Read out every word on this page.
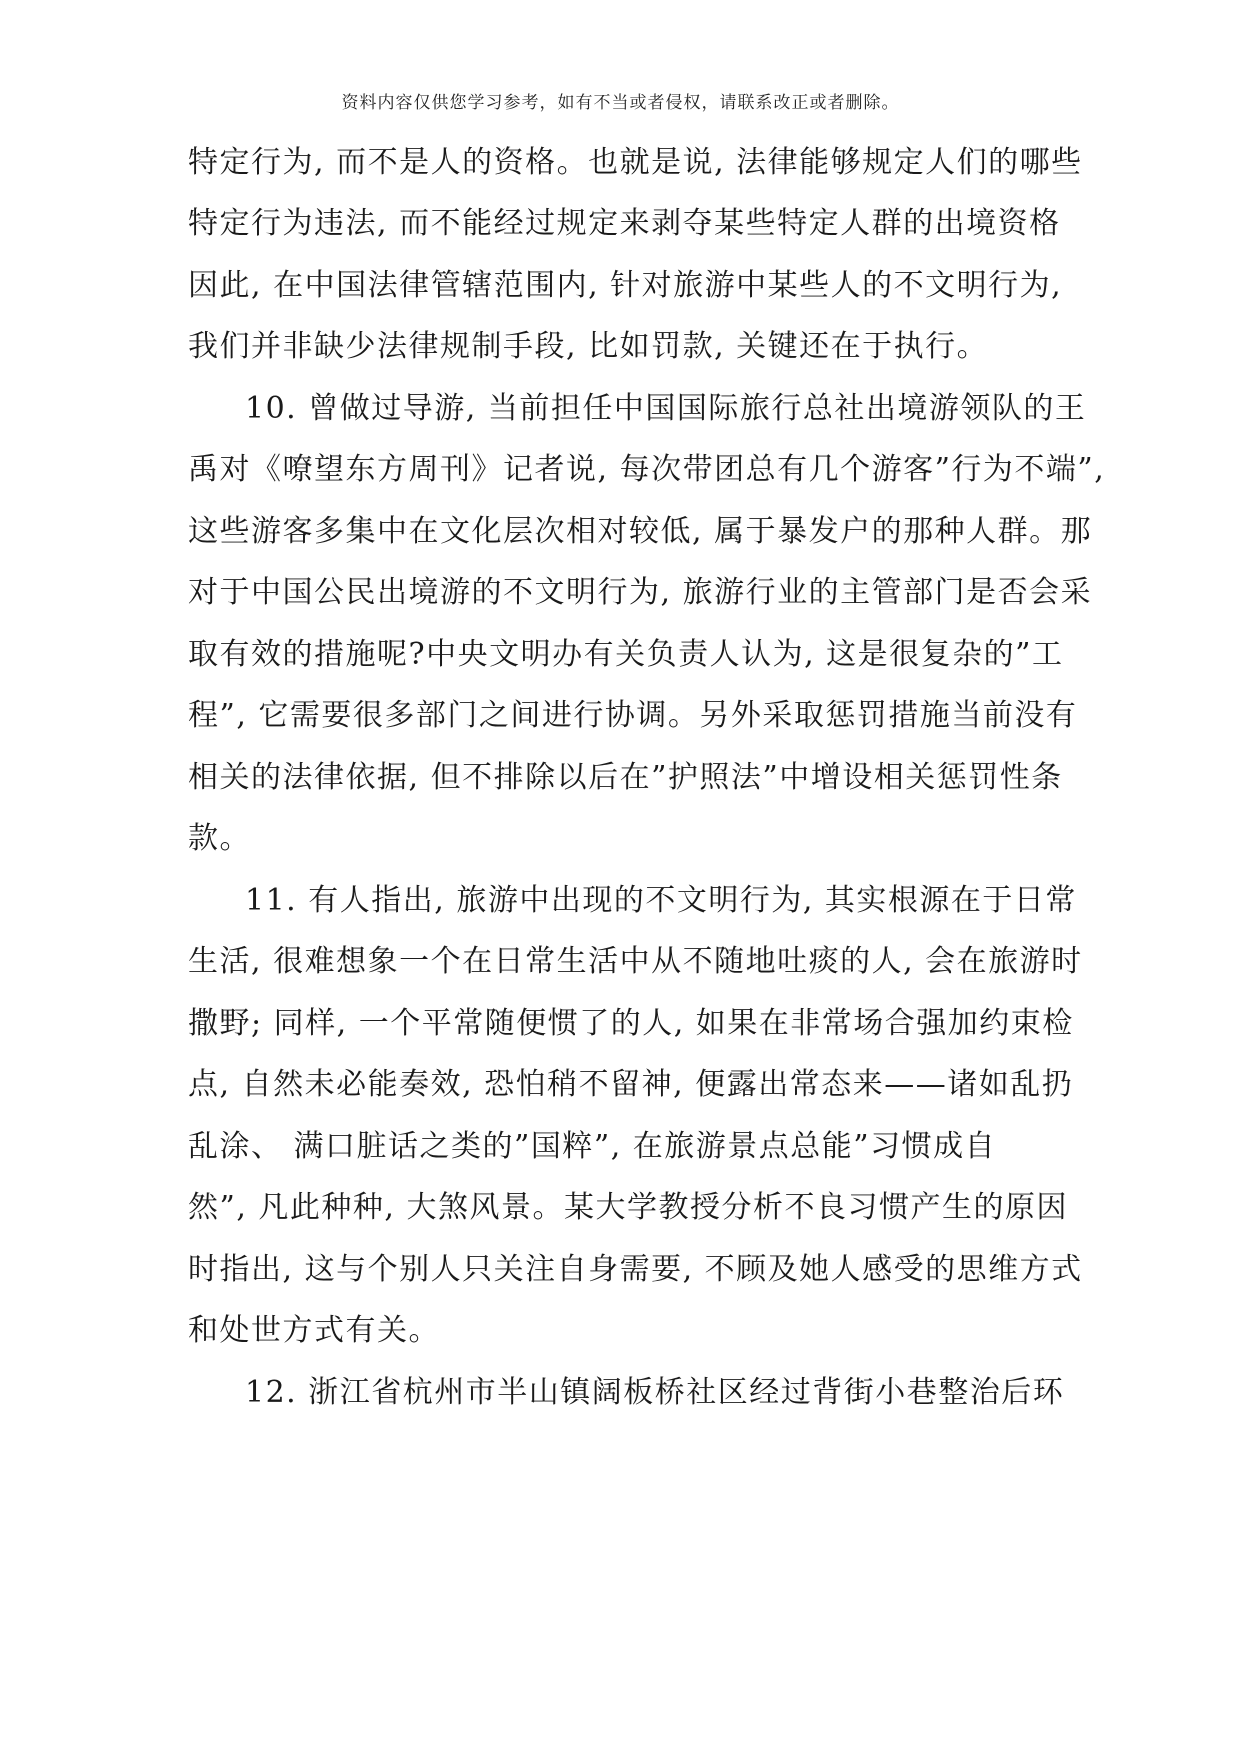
资料内容仅供您学习参考，如有不当或者侵权，请联系改正或者删除。
特定行为, 而不是人的资格。也就是说, 法律能够规定人们的哪些
特定行为违法, 而不能经过规定来剥夺某些特定人群的出境资格
因此, 在中国法律管辖范围内, 针对旅游中某些人的不文明行为,
我们并非缺少法律规制手段, 比如罚款, 关键还在于执行。
10. 曾做过导游, 当前担任中国国际旅行总社出境游领队的王
禹对《嘹望东方周刊》记者说, 每次带团总有几个游客”行为不端”,
这些游客多集中在文化层次相对较低, 属于暴发户的那种人群。那
对于中国公民出境游的不文明行为, 旅游行业的主管部门是否会采
取有效的措施呢?中央文明办有关负责人认为, 这是很复杂的”工
程”, 它需要很多部门之间进行协调。另外采取惩罚措施当前没有
相关的法律依据, 但不排除以后在”护照法”中增设相关惩罚性条
款。
11. 有人指出, 旅游中出现的不文明行为, 其实根源在于日常
生活, 很难想象一个在日常生活中从不随地吐痰的人, 会在旅游时
撒野; 同样, 一个平常随便惯了的人, 如果在非常场合强加约束检
点, 自然未必能奏效, 恐怕稍不留神, 便露出常态来——诸如乱扔
乱涂、 满口脏话之类的”国粹”, 在旅游景点总能”习惯成自
然”, 凡此种种, 大煞风景。某大学教授分析不良习惯产生的原因
时指出, 这与个别人只关注自身需要, 不顾及她人感受的思维方式
和处世方式有关。
12. 浙江省杭州市半山镇阔板桥社区经过背街小巷整治后环
